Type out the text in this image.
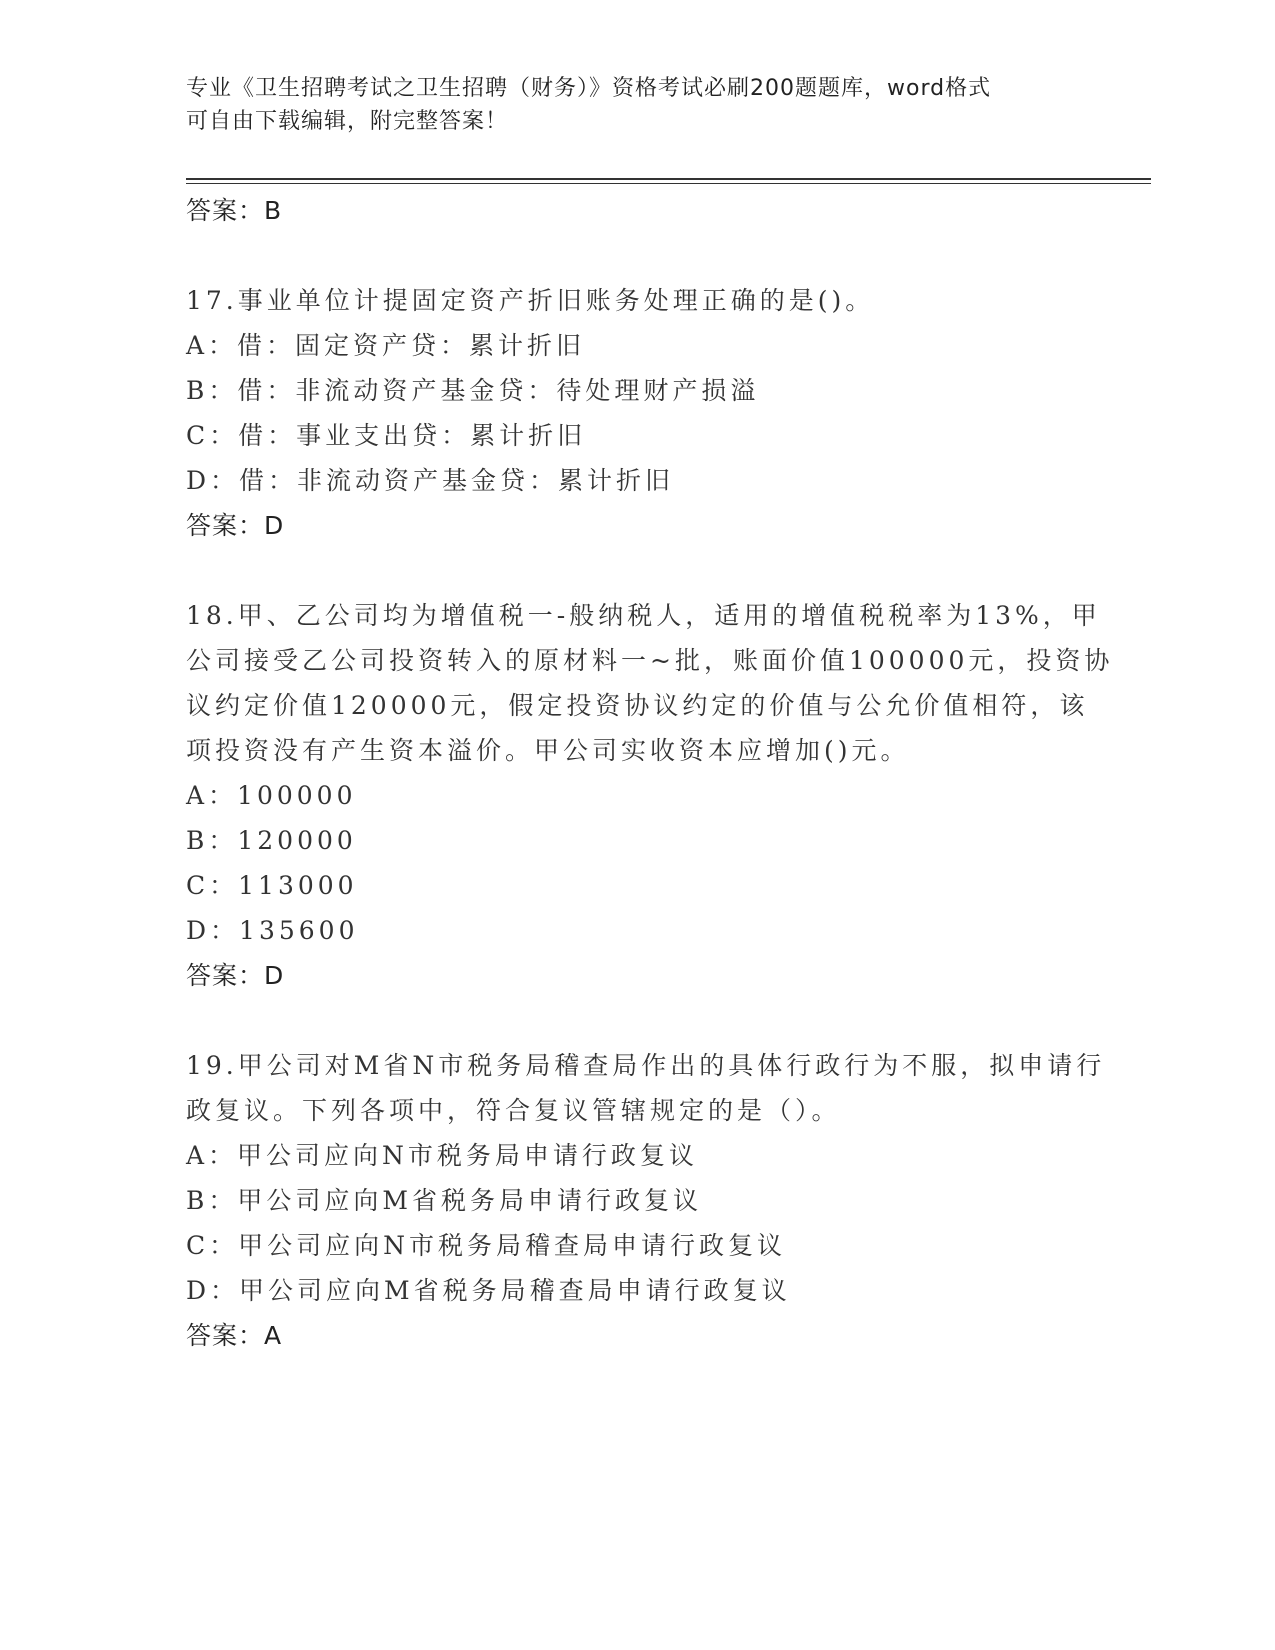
专业《卫生招聘考试之卫生招聘（财务）》资格考试必刷200题题库，word格式
可自由下载编辑，附完整答案！
答案：B
17.事业单位计提固定资产折旧账务处理正确的是()。
A：借：固定资产贷：累计折旧
B：借：非流动资产基金贷：待处理财产损溢
C：借：事业支出贷：累计折旧
D：借：非流动资产基金贷：累计折旧
答案：D
18.甲、乙公司均为增值税一-般纳税人，适用的增值税税率为13%，甲公司接受乙公司投资转入的原材料一~批，账面价值100000元，投资协议约定价值120000元，假定投资协议约定的价值与公允价值相符，该项投资没有产生资本溢价。甲公司实收资本应增加()元。
A：100000
B：120000
C：113000
D：135600
答案：D
19.甲公司对M省N市税务局稽查局作出的具体行政行为不服，拟申请行政复议。下列各项中，符合复议管辖规定的是（）。
A：甲公司应向N市税务局申请行政复议
B：甲公司应向M省税务局申请行政复议
C：甲公司应向N市税务局稽查局申请行政复议
D：甲公司应向M省税务局稽查局申请行政复议
答案：A
